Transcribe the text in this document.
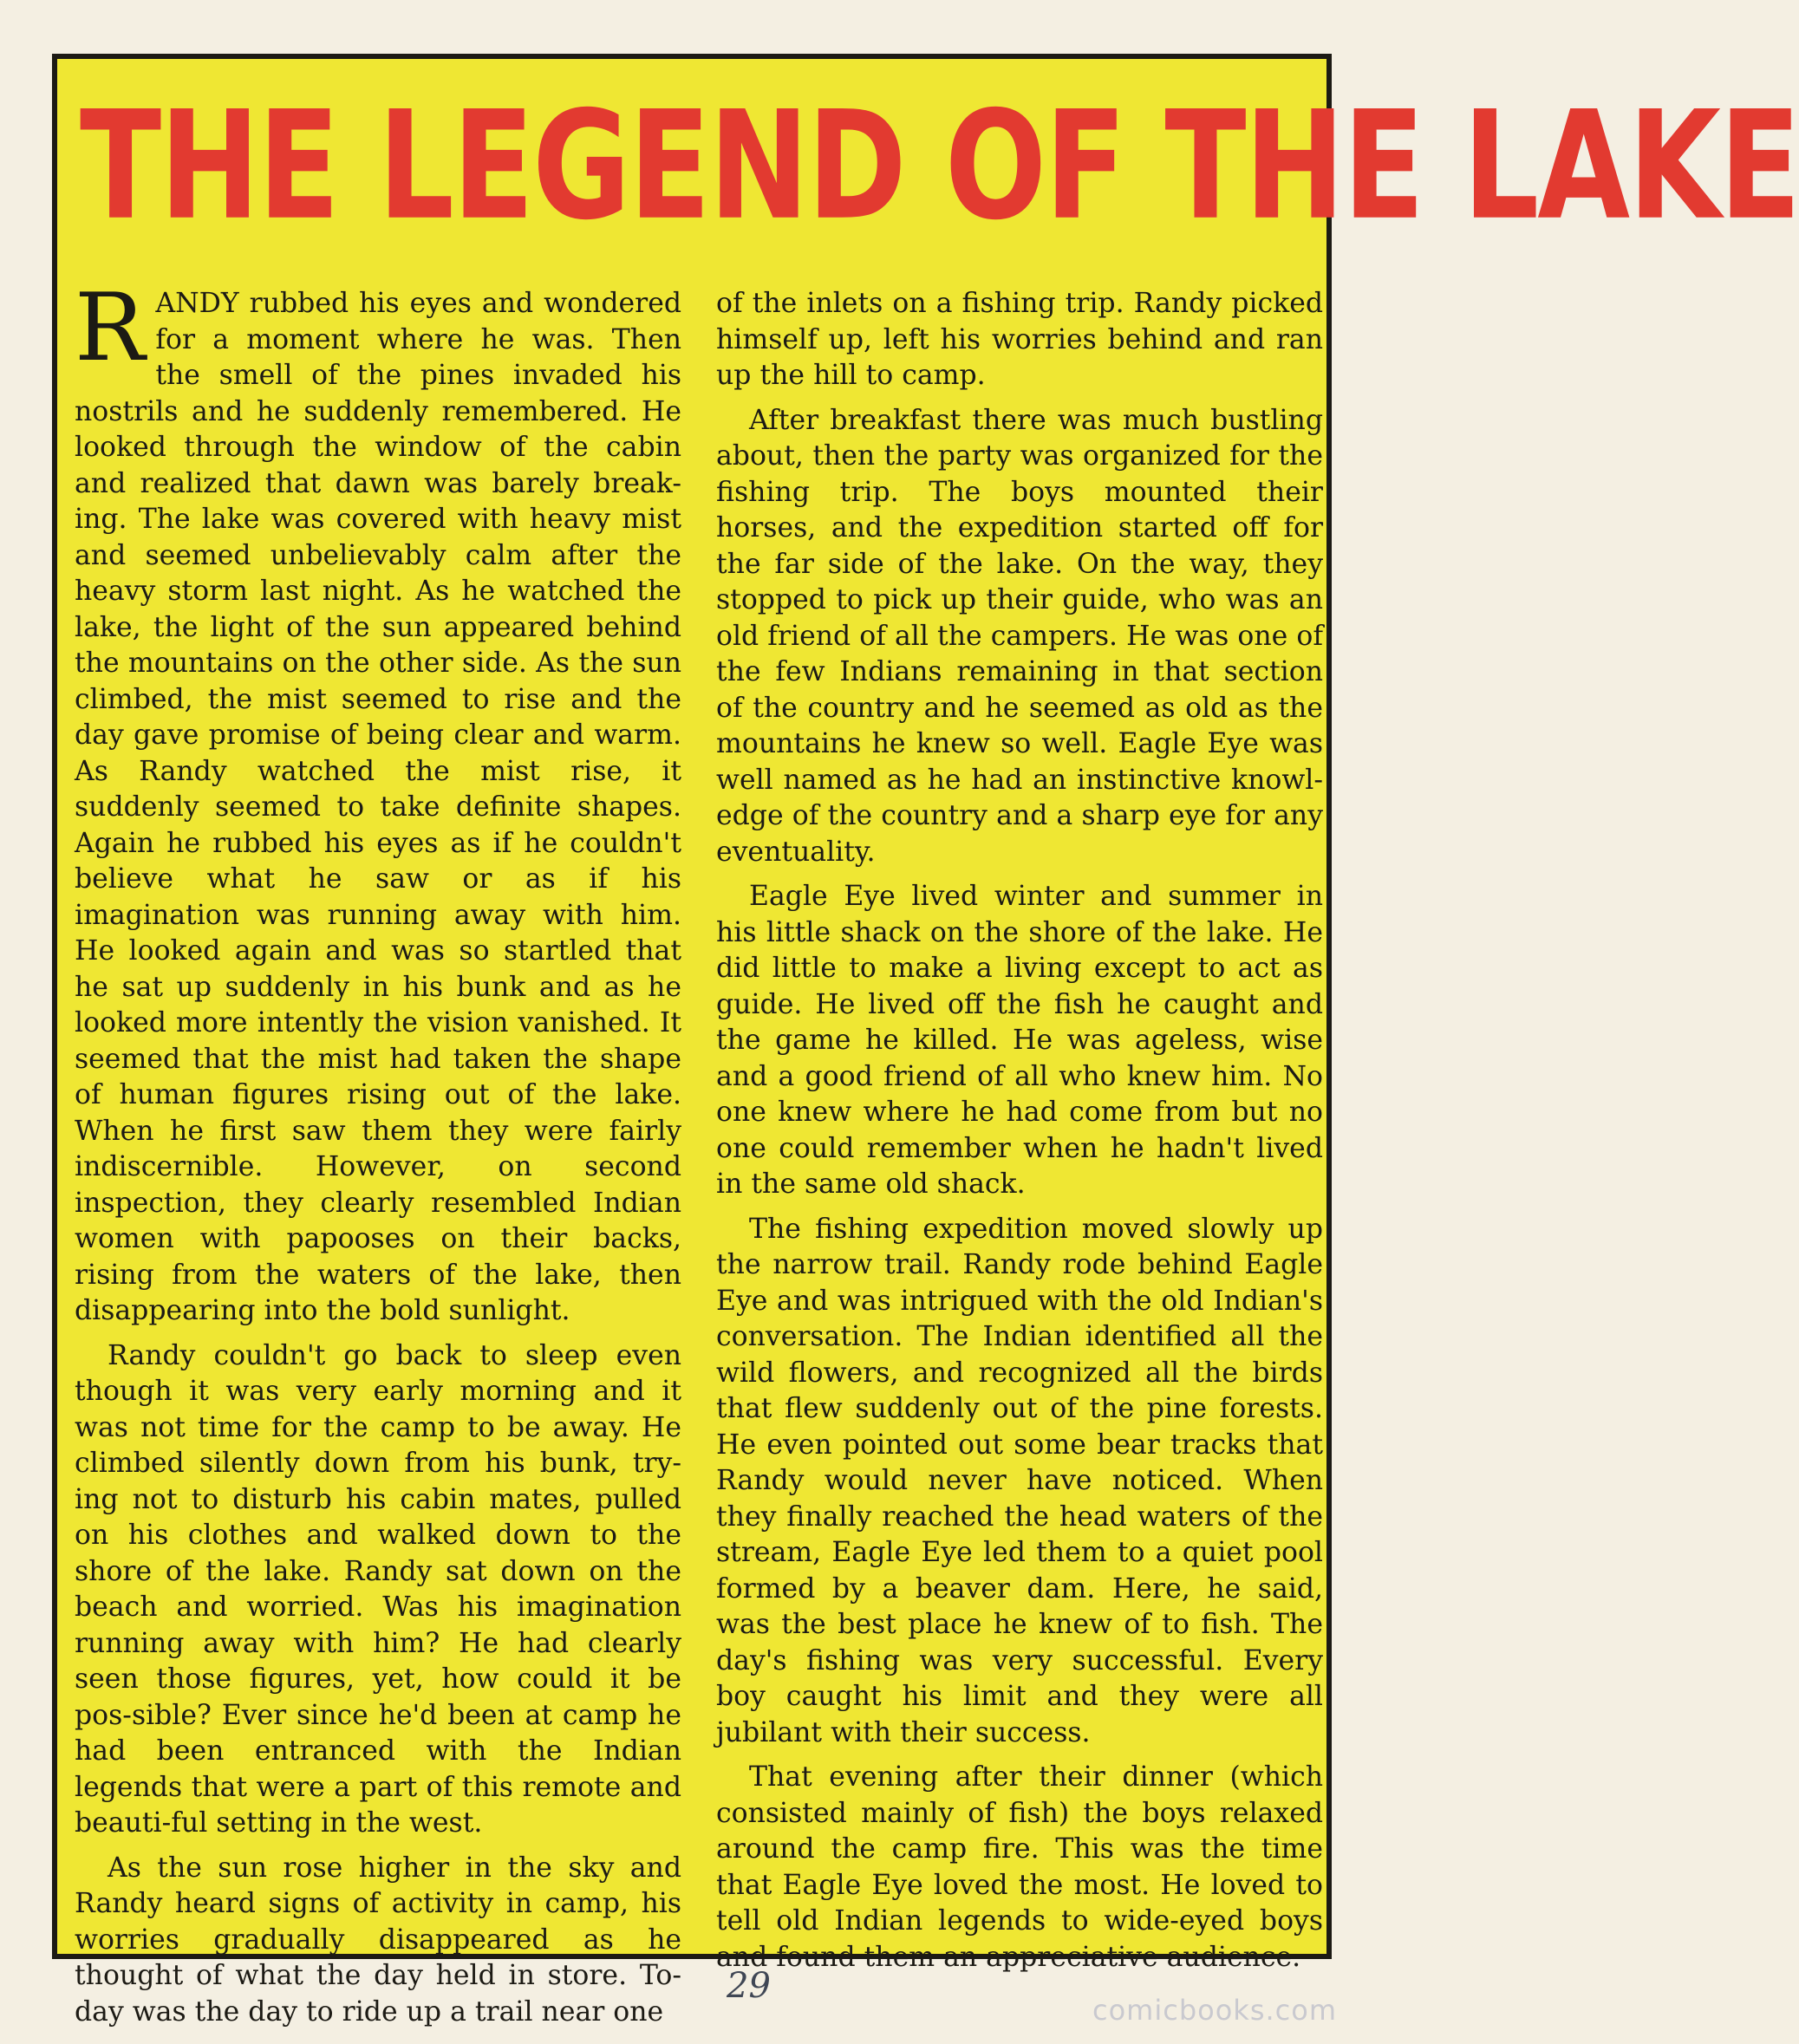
THE LEGEND OF THE LAKE

RANDY rubbed his eyes and wondered for a moment where he was. Then the smell of the pines invaded his nostrils and he suddenly remembered. He looked through the window of the cabin and realized that dawn was barely break-ing. The lake was covered with heavy mist and seemed unbelievably calm after the heavy storm last night. As he watched the lake, the light of the sun appeared behind the mountains on the other side. As the sun climbed, the mist seemed to rise and the day gave promise of being clear and warm. As Randy watched the mist rise, it suddenly seemed to take definite shapes. Again he rubbed his eyes as if he couldn't believe what he saw or as if his imagination was running away with him. He looked again and was so startled that he sat up suddenly in his bunk and as he looked more intently the vision vanished. It seemed that the mist had taken the shape of human figures rising out of the lake. When he first saw them they were fairly indiscernible. However, on second inspection, they clearly resembled Indian women with papooses on their backs, rising from the waters of the lake, then disappearing into the bold sunlight.

Randy couldn't go back to sleep even though it was very early morning and it was not time for the camp to be away. He climbed silently down from his bunk, try-ing not to disturb his cabin mates, pulled on his clothes and walked down to the shore of the lake. Randy sat down on the beach and worried. Was his imagination running away with him? He had clearly seen those figures, yet, how could it be pos-sible? Ever since he'd been at camp he had been entranced with the Indian legends that were a part of this remote and beauti-ful setting in the west.

As the sun rose higher in the sky and Randy heard signs of activity in camp, his worries gradually disappeared as he thought of what the day held in store. To-day was the day to ride up a trail near one

of the inlets on a fishing trip. Randy picked himself up, left his worries behind and ran up the hill to camp.

After breakfast there was much bustling about, then the party was organized for the fishing trip. The boys mounted their horses, and the expedition started off for the far side of the lake. On the way, they stopped to pick up their guide, who was an old friend of all the campers. He was one of the few Indians remaining in that section of the country and he seemed as old as the mountains he knew so well. Eagle Eye was well named as he had an instinctive knowl-edge of the country and a sharp eye for any eventuality.

Eagle Eye lived winter and summer in his little shack on the shore of the lake. He did little to make a living except to act as guide. He lived off the fish he caught and the game he killed. He was ageless, wise and a good friend of all who knew him. No one knew where he had come from but no one could remember when he hadn't lived in the same old shack.

The fishing expedition moved slowly up the narrow trail. Randy rode behind Eagle Eye and was intrigued with the old Indian's conversation. The Indian identified all the wild flowers, and recognized all the birds that flew suddenly out of the pine forests. He even pointed out some bear tracks that Randy would never have noticed. When they finally reached the head waters of the stream, Eagle Eye led them to a quiet pool formed by a beaver dam. Here, he said, was the best place he knew of to fish. The day's fishing was very successful. Every boy caught his limit and they were all jubilant with their success.

That evening after their dinner (which consisted mainly of fish) the boys relaxed around the camp fire. This was the time that Eagle Eye loved the most. He loved to tell old Indian legends to wide-eyed boys and found them an appreciative audience.

29
comicbooks.com
